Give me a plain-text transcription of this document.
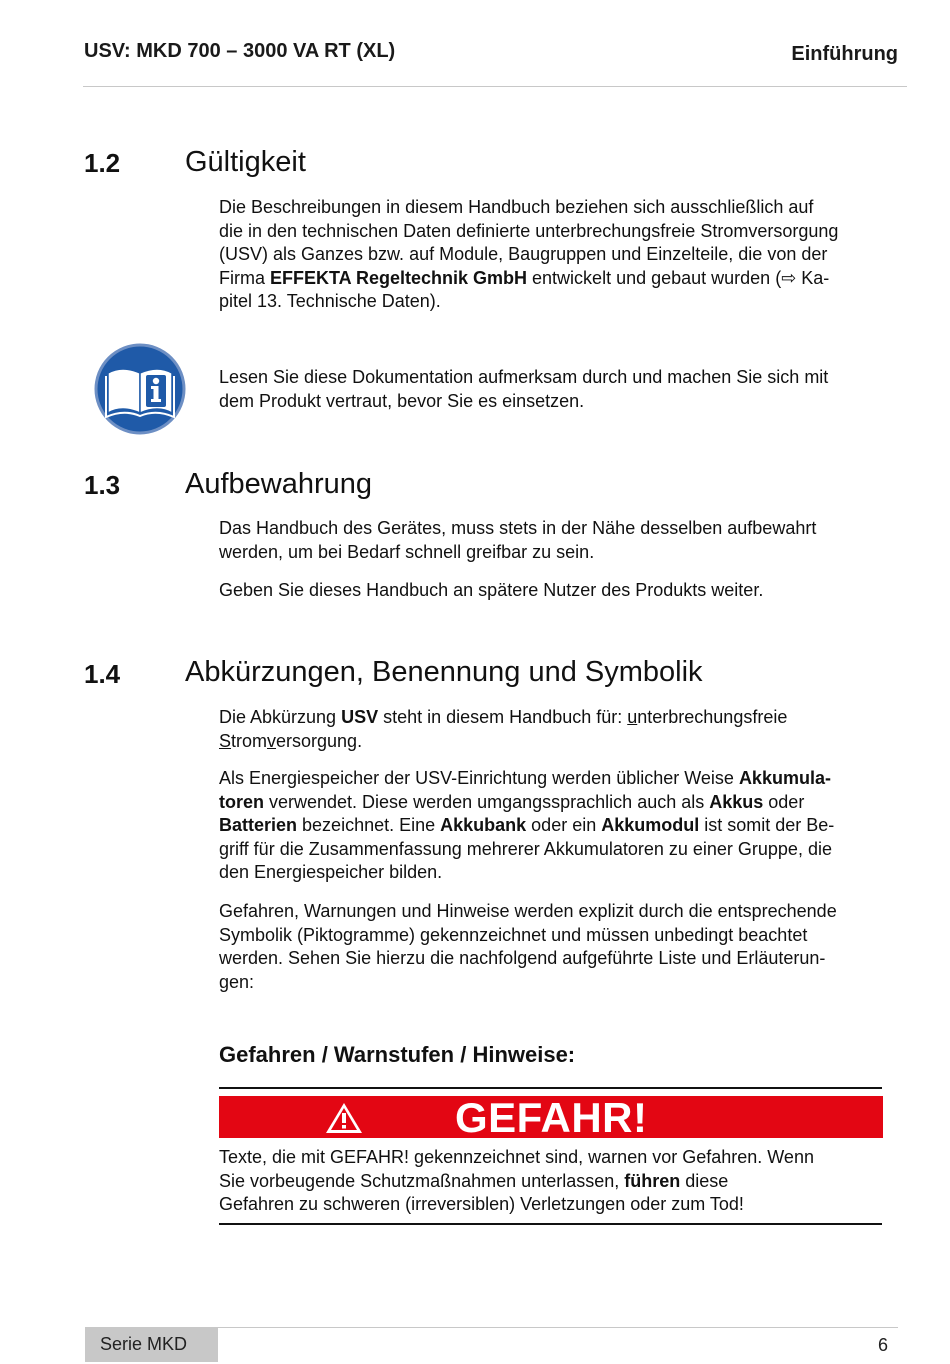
USV: MKD 700 – 3000 VA RT (XL)	Einführung
1.2 Gültigkeit
Die Beschreibungen in diesem Handbuch beziehen sich ausschließlich auf
die in den technischen Daten definierte unterbrechungsfreie Stromversorgung
(USV) als Ganzes bzw. auf Module, Baugruppen und Einzelteile, die von der
Firma EFFEKTA Regeltechnik GmbH entwickelt und gebaut wurden (⇨ Ka-
pitel 13. Technische Daten).
Lesen Sie diese Dokumentation aufmerksam durch und machen Sie sich mit
dem Produkt vertraut, bevor Sie es einsetzen.
1.3 Aufbewahrung
Das Handbuch des Gerätes, muss stets in der Nähe desselben aufbewahrt
werden, um bei Bedarf schnell greifbar zu sein.
Geben Sie dieses Handbuch an spätere Nutzer des Produkts weiter.
1.4 Abkürzungen, Benennung und Symbolik
Die Abkürzung USV steht in diesem Handbuch für: unterbrechungsfreie
Stromversorgung.
Als Energiespeicher der USV-Einrichtung werden üblicher Weise Akkumula-
toren verwendet. Diese werden umgangssprachlich auch als Akkus oder
Batterien bezeichnet. Eine Akkubank oder ein Akkumodul ist somit der Be-
griff für die Zusammenfassung mehrerer Akkumulatoren zu einer Gruppe, die
den Energiespeicher bilden.
Gefahren, Warnungen und Hinweise werden explizit durch die entsprechende
Symbolik (Piktogramme) gekennzeichnet und müssen unbedingt beachtet
werden. Sehen Sie hierzu die nachfolgend aufgeführte Liste und Erläuterun-
gen:
Gefahren / Warnstufen / Hinweise:
GEFAHR!
Texte, die mit GEFAHR! gekennzeichnet sind, warnen vor Gefahren. Wenn
Sie vorbeugende Schutzmaßnahmen unterlassen, führen diese
Gefahren zu schweren (irreversiblen) Verletzungen oder zum Tod!
Serie MKD	6
